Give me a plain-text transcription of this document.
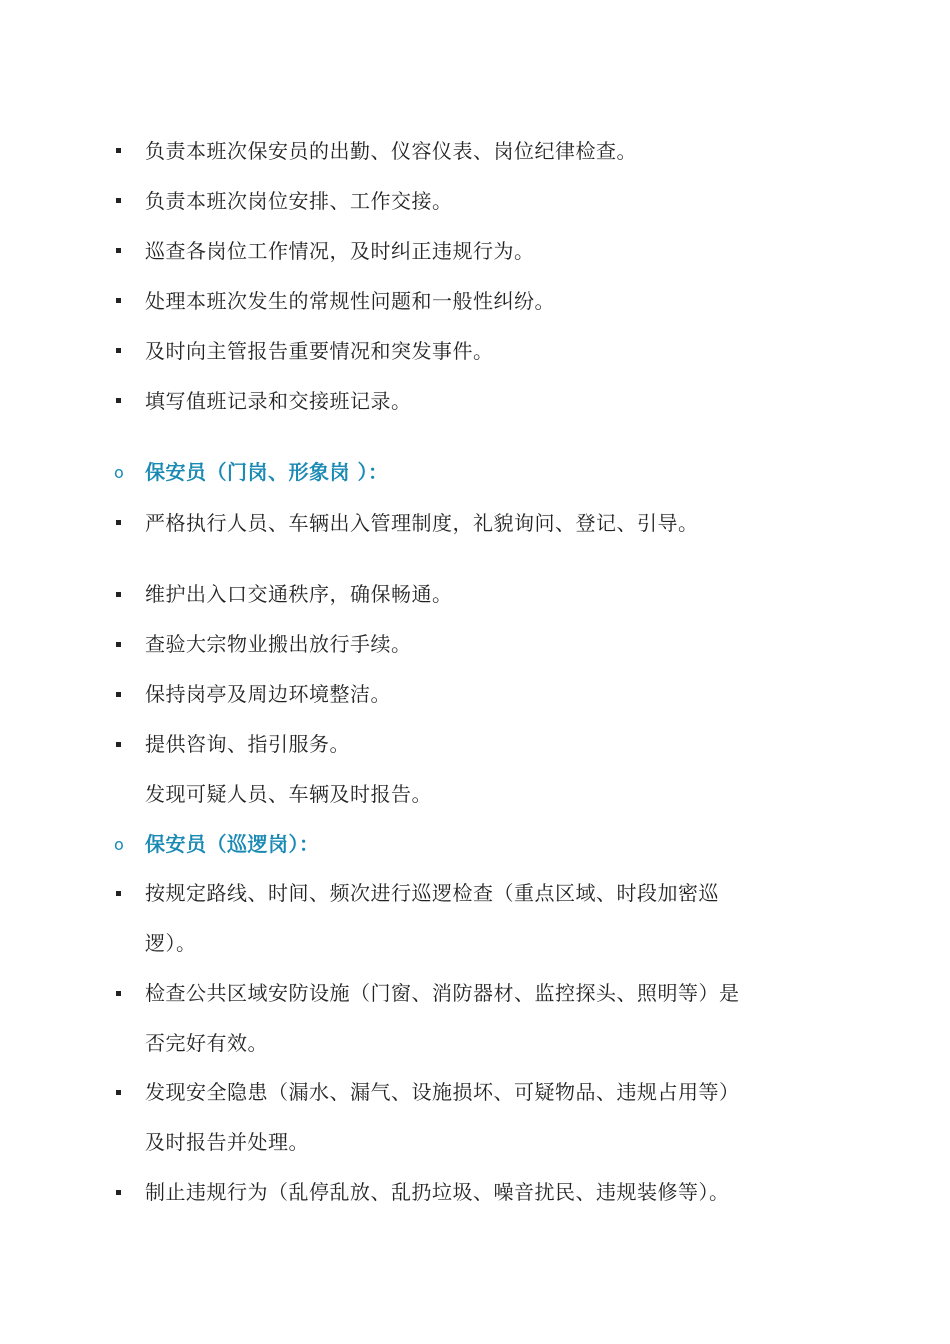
负责本班次保安员的出勤、仪容仪表、岗位纪律检查。
负责本班次岗位安排、工作交接。
巡查各岗位工作情况，及时纠正违规行为。
处理本班次发生的常规性问题和一般性纠纷。
及时向主管报告重要情况和突发事件。
填写值班记录和交接班记录。
o 保安员（门岗、形象岗 ）：
严格执行人员、车辆出入管理制度，礼貌询问、登记、引导。
维护出入口交通秩序，确保畅通。
查验大宗物业搬出放行手续。
保持岗亭及周边环境整洁。
提供咨询、指引服务。
发现可疑人员、车辆及时报告。
o 保安员（巡逻岗）：
按规定路线、时间、频次进行巡逻检查（重点区域、时段加密巡
逻）。
检查公共区域安防设施（门窗、消防器材、监控探头、照明等）是
否完好有效。
发现安全隐患（漏水、漏气、设施损坏、可疑物品、违规占用等）
及时报告并处理。
制止违规行为（乱停乱放、乱扔垃圾、噪音扰民、违规装修等）。
